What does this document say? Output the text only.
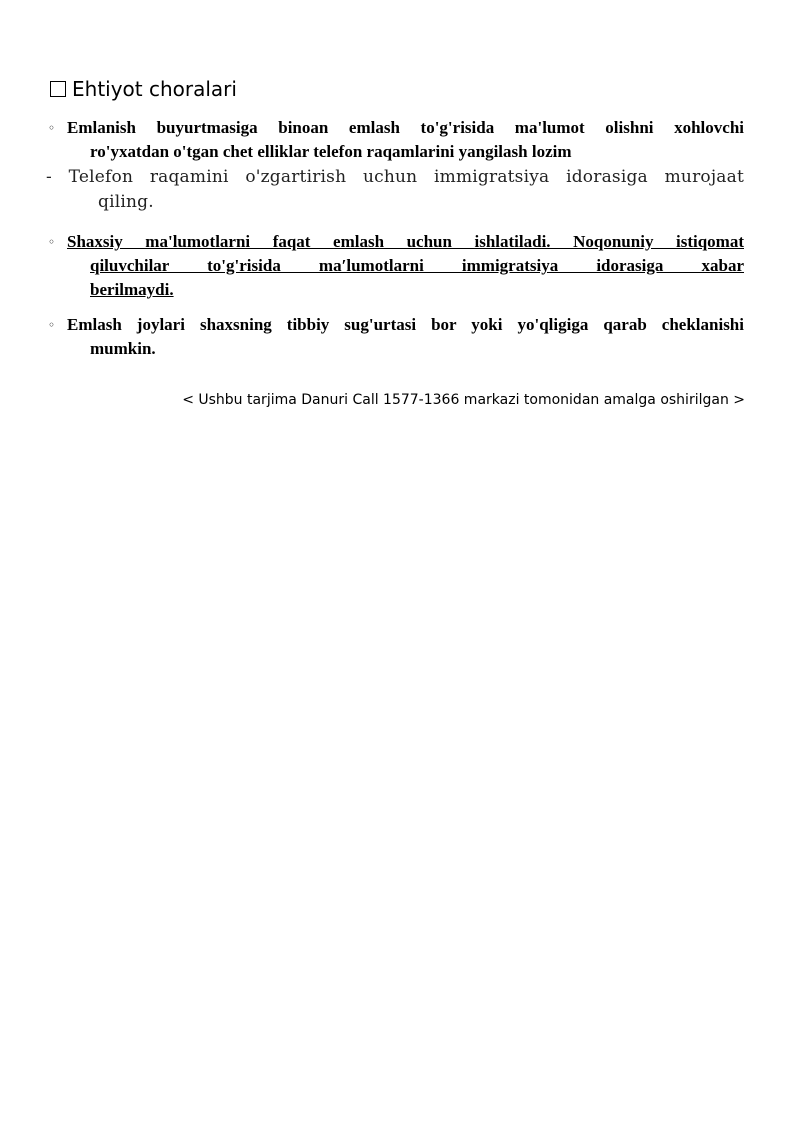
Ehtiyot choralari
◦ Emlanish buyurtmasiga binoan emlash to'g'risida ma'lumot olishni xohlovchi
ro'yxatdan o'tgan chet elliklar telefon raqamlarini yangilash lozim
- Telefon raqamini o'zgartirish uchun immigratsiya idorasiga murojaat
qiling.
◦ Shaxsiy ma'lumotlarni faqat emlash uchun ishlatiladi. Noqonuniy istiqomat
qiluvchilar to'g'risida ma′lumotlarni immigratsiya idorasiga xabar
berilmaydi.
◦ Emlash joylari shaxsning tibbiy sug'urtasi bor yoki yo'qligiga qarab cheklanishi
mumkin.
< Ushbu tarjima Danuri Call 1577-1366 markazi tomonidan amalga oshirilgan >
